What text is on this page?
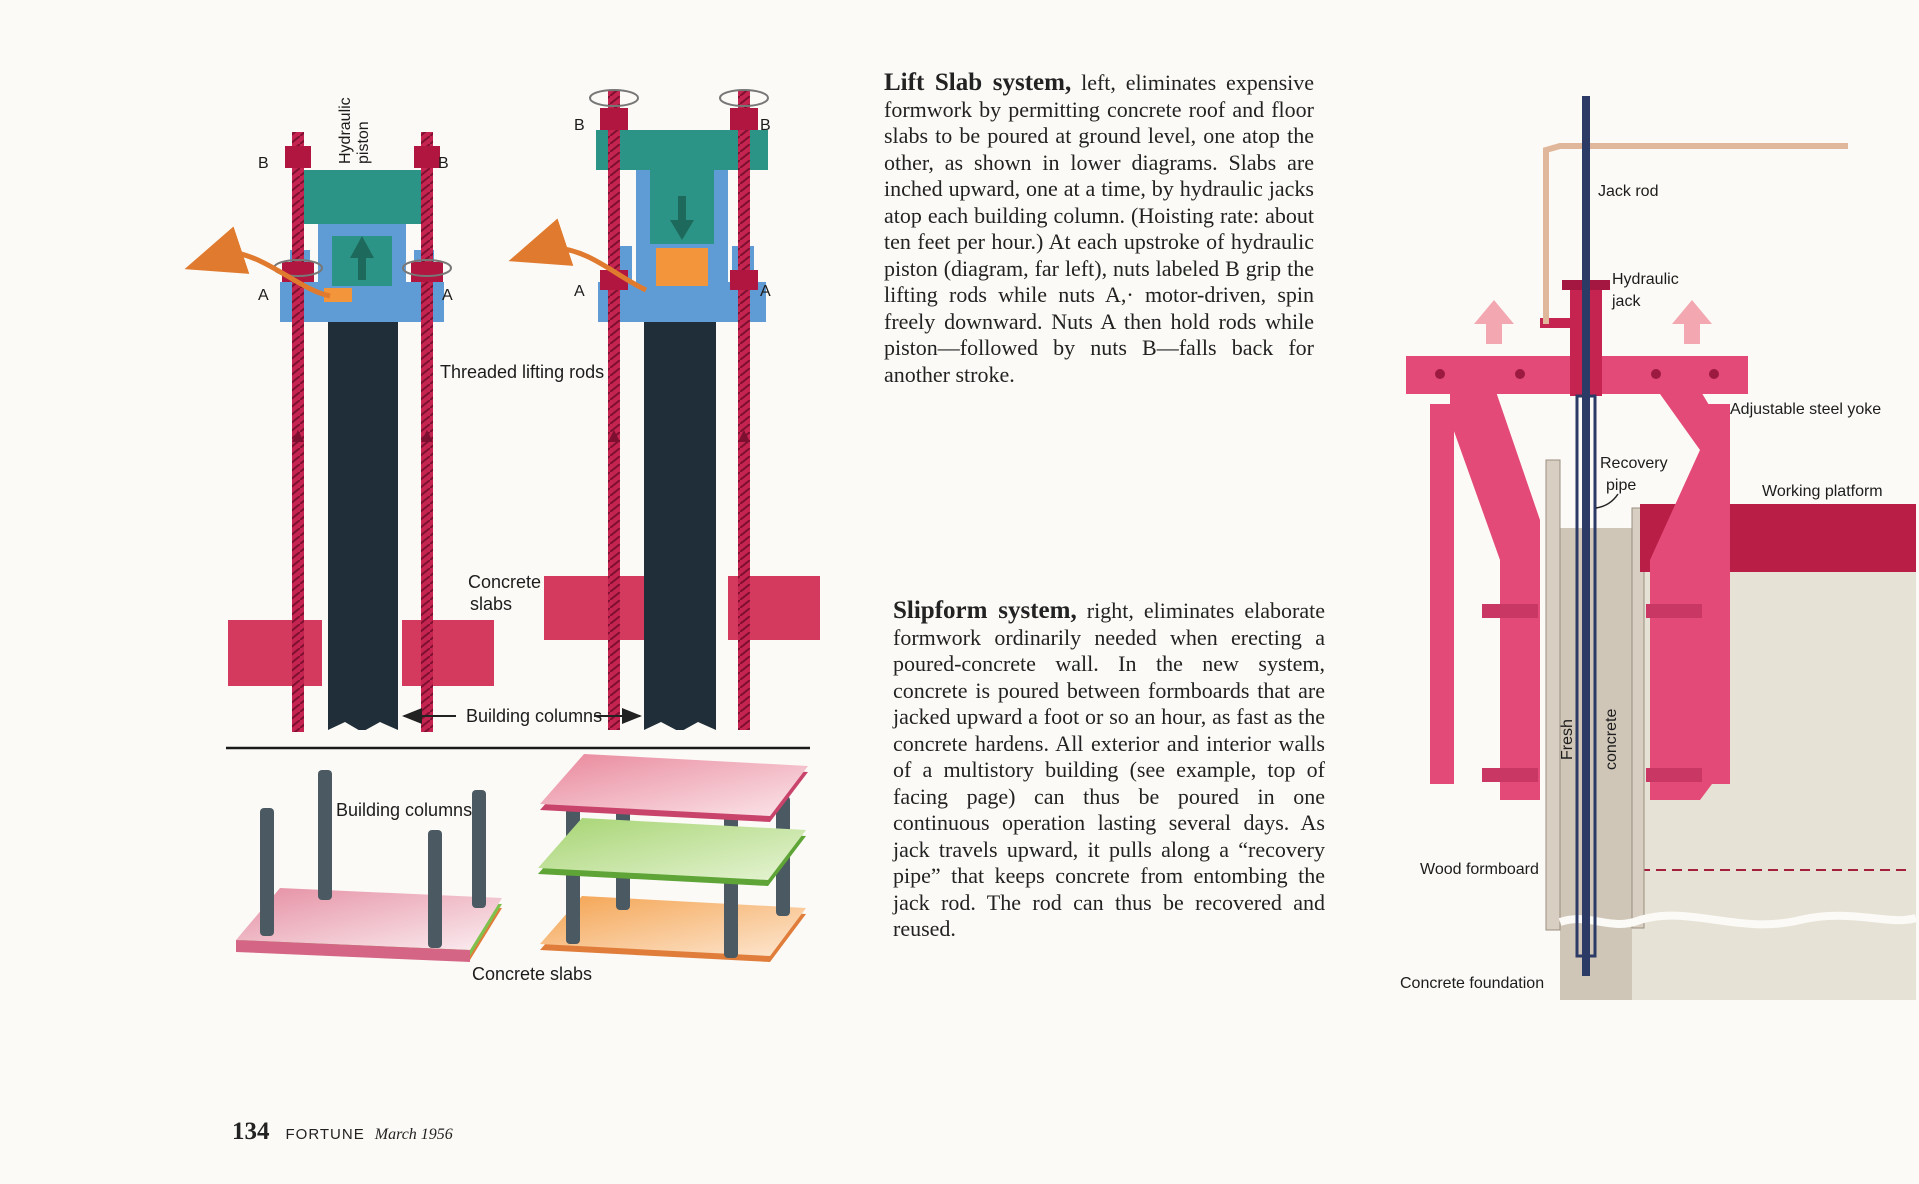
Hydraulic piston
B	B
A	A
Threaded lifting rods
Concrete
slabs
B	B
A	A
Building columns
Building columns
Concrete slabs
Jack rod
Hydraulic
jack
Adjustable steel yoke
Recovery
pipe	Working platform
Fresh concrete
Wood formboard
Concrete foundation

Lift Slab system, left, eliminates expensive formwork by permitting concrete roof and floor slabs to be poured at ground level, one atop the other, as shown in lower diagrams. Slabs are inched upward, one at a time, by hydraulic jacks atop each building column. (Hoisting rate: about ten feet per hour.) At each upstroke of hydraulic piston (diagram, far left), nuts labeled B grip the lifting rods while nuts A,· motor-driven, spin freely downward. Nuts A then hold rods while piston—followed by nuts B—falls back for another stroke.

Slipform system, right, eliminates elaborate formwork ordinarily needed when erecting a poured-concrete wall. In the new system, concrete is poured between formboards that are jacked upward a foot or so an hour, as fast as the concrete hardens. All exterior and interior walls of a multistory building (see example, top of facing page) can thus be poured in one continuous operation lasting several days. As jack travels upward, it pulls along a “recovery pipe” that keeps concrete from entombing the jack rod. The rod can thus be recovered and reused.

134 FORTUNE March 1956
